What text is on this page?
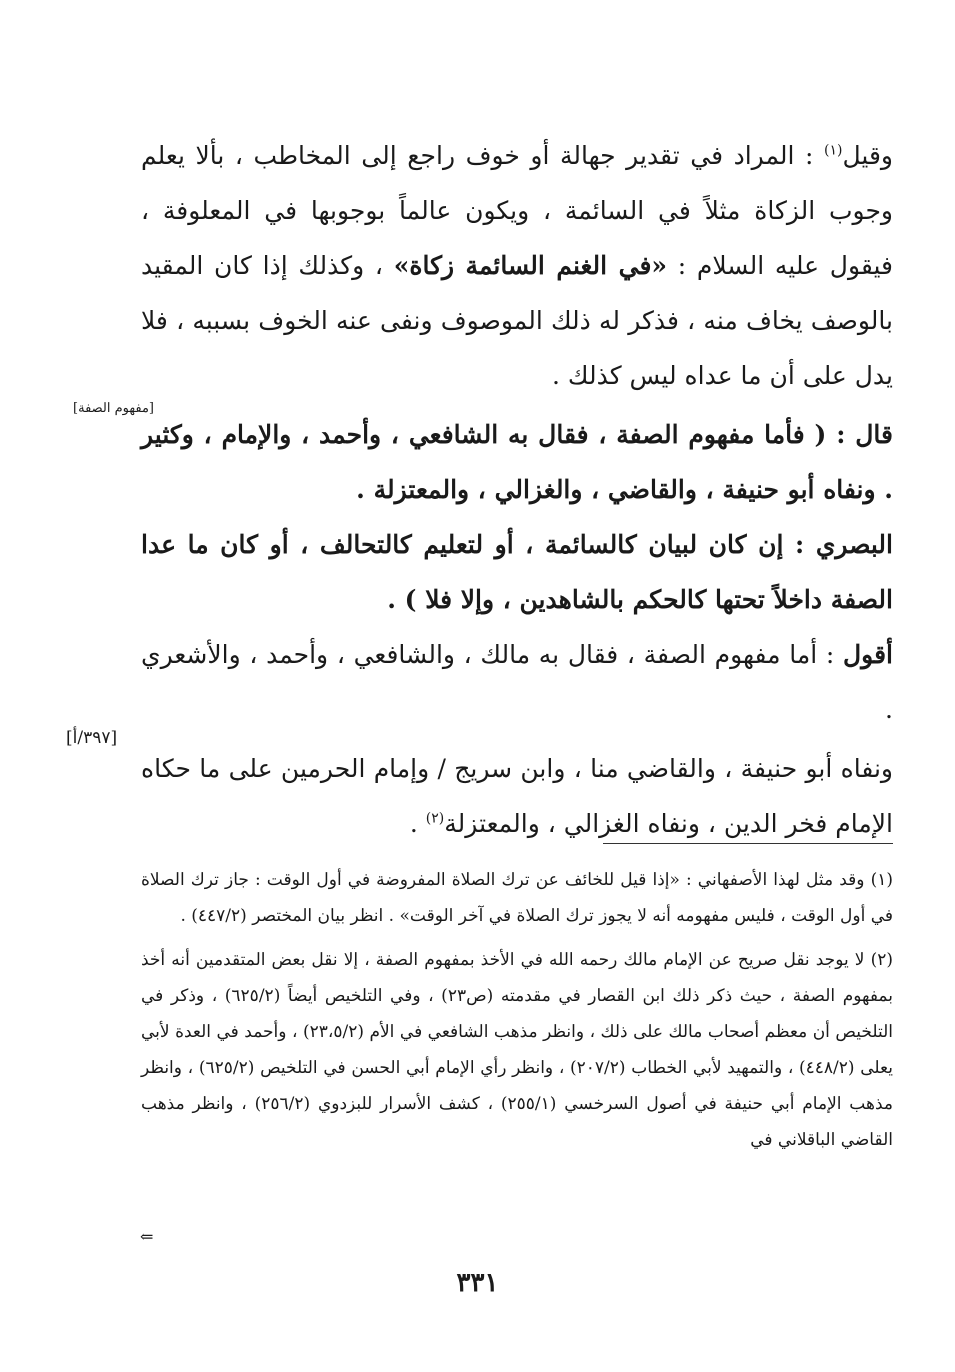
وقيل$^{(١)}$ : المراد في تقدير جهالة أو خوف راجع إلى المخاطب ، بألا يعلم وجوب الزكاة مثلاً في السائمة ، ويكون عالماً بوجوبها في المعلوفة ، فيقول عليه السلام : «في الغنم السائمة زكاة» ، وكذلك إذا كان المقيد بالوصف يخاف منه ، فذكر له ذلك الموصوف ونفى عنه الخوف بسببه ، فلا يدل على أن ما عداه ليس كذلك .

قال : ( فأما مفهوم الصفة ، فقال به الشافعي ، وأحمد ، والإمام ، وكثير . ونفاه أبو حنيفة ، والقاضي ، والغزالي ، والمعتزلة .

البصري : إن كان لبيان كالسائمة ، أو لتعليم كالتحالف ، أو كان ما عدا الصفة داخلاً تحتها كالحكم بالشاهدين ، وإلا فلا ) .

أقول : أما مفهوم الصفة ، فقال به مالك ، والشافعي ، وأحمد ، والأشعري .

ونفاه أبو حنيفة ، والقاضي منا ، وابن سريج / وإمام الحرمين على ما حكاه الإمام فخر الدين ، ونفاه الغزالي ، والمعتزلة$^{(٢)}$ .

[مفهوم الصفة]
[٣٩٧/أ]

(١) وقد مثل لهذا الأصفهاني : «إذا قيل للخائف عن ترك الصلاة المفروضة في أول الوقت : جاز ترك الصلاة في أول الوقت ، فليس مفهومه أنه لا يجوز ترك الصلاة في آخر الوقت» . انظر بيان المختصر (٤٤٧/٢) .

(٢) لا يوجد نقل صريح عن الإمام مالك رحمه الله في الأخذ بمفهوم الصفة ، إلا نقل بعض المتقدمين أنه أخذ بمفهوم الصفة ، حيث ذكر ذلك ابن القصار في مقدمته (ص٢٣) ، وفي التلخيص أيضاً (٦٢٥/٢) ، وذكر في التلخيص أن معظم أصحاب مالك على ذلك ، وانظر مذهب الشافعي في الأم (٢٣،٥/٢) ، وأحمد في العدة لأبي يعلى (٤٤٨/٢) ، والتمهيد لأبي الخطاب (٢٠٧/٢) ، وانظر رأي الإمام أبي الحسن في التلخيص (٦٢٥/٢) ، وانظر مذهب الإمام أبي حنيفة في أصول السرخسي (٢٥٥/١) ، كشف الأسرار للبزدوي (٢٥٦/٢) ، وانظر مذهب القاضي الباقلاني في

⇐
٣٣١
